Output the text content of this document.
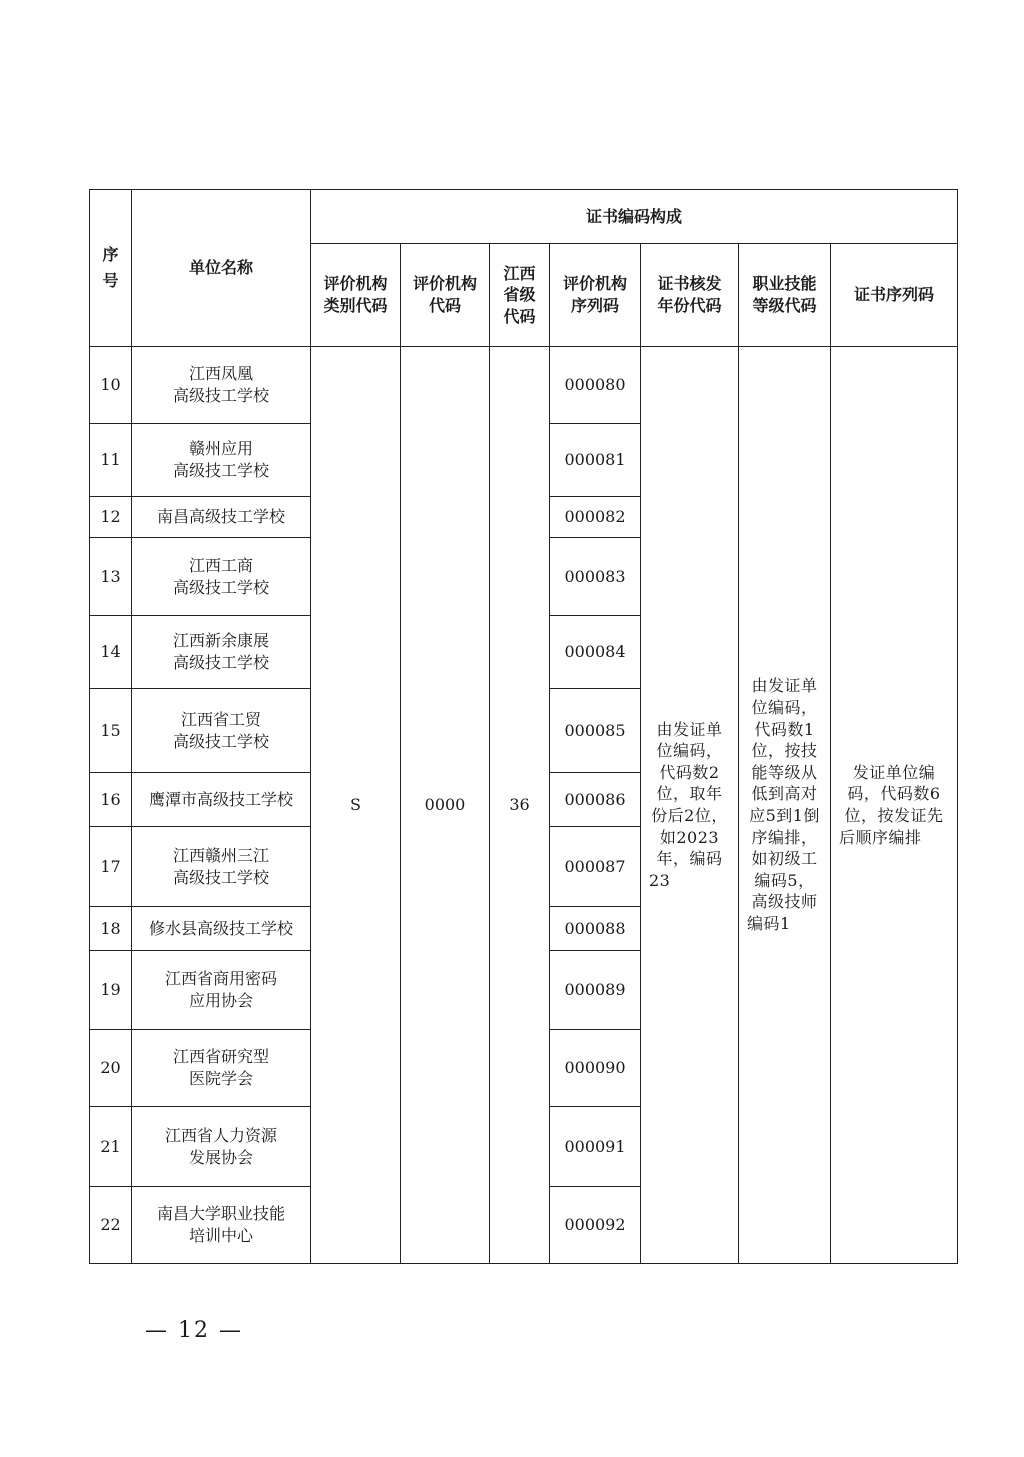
序号	单位名称	证书编码构成						
		评价机构类别代码	评价机构代码	江西省级代码	评价机构序列码	证书核发年份代码	职业技能等级代码	证书序列码
10	江西凤凰
高级技工学校	S	0000	36	000080	由发证单位编码，代码数2位，取年份后2位，如2023年，编码23	由发证单位编码，代码数1位，按技能等级从低到高对应5到1倒序编排，如初级工编码5，高级技师编码1	发证单位编码，代码数6位，按发证先后顺序编排
11	赣州应用
高级技工学校				000081			
12	南昌高级技工学校				000082			
13	江西工商
高级技工学校				000083			
14	江西新余康展
高级技工学校				000084			
15	江西省工贸
高级技工学校				000085			
16	鹰潭市高级技工学校				000086			
17	江西赣州三江
高级技工学校				000087			
18	修水县高级技工学校				000088			
19	江西省商用密码
应用协会				000089			
20	江西省研究型
医院学会				000090			
21	江西省人力资源
发展协会				000091			
22	南昌大学职业技能
培训中心				000092			
— 12 —
